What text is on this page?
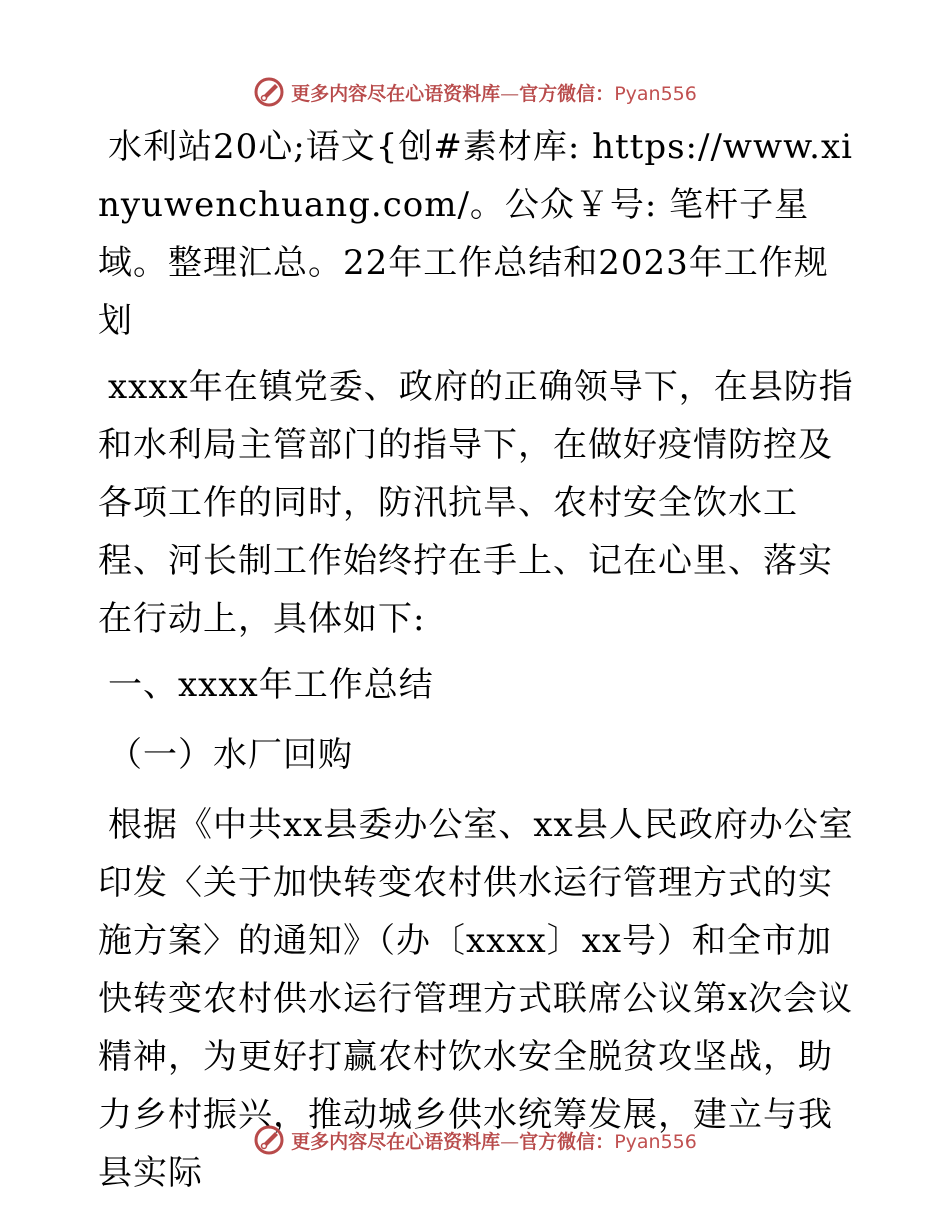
更多内容尽在心语资料库—官方微信：Pyan556

水利站20心;语文{创#素材库: https://www.xinyuwenchuang.com/。公众￥号: 笔杆子星域。整理汇总。22年工作总结和2023年工作规划

xxxx年在镇党委、政府的正确领导下，在县防指和水利局主管部门的指导下，在做好疫情防控及各项工作的同时，防汛抗旱、农村安全饮水工程、河长制工作始终拧在手上、记在心里、落实在行动上，具体如下:

一、xxxx年工作总结

（一）水厂回购

根据《中共xx县委办公室、xx县人民政府办公室印发〈关于加快转变农村供水运行管理方式的实施方案〉的通知》（办〔xxxx〕xx号）和全市加快转变农村供水运行管理方式联席公议第x次会议精神，为更好打赢农村饮水安全脱贫攻坚战，助力乡村振兴，推动城乡供水统筹发展，建立与我县实际

更多内容尽在心语资料库—官方微信：Pyan556
